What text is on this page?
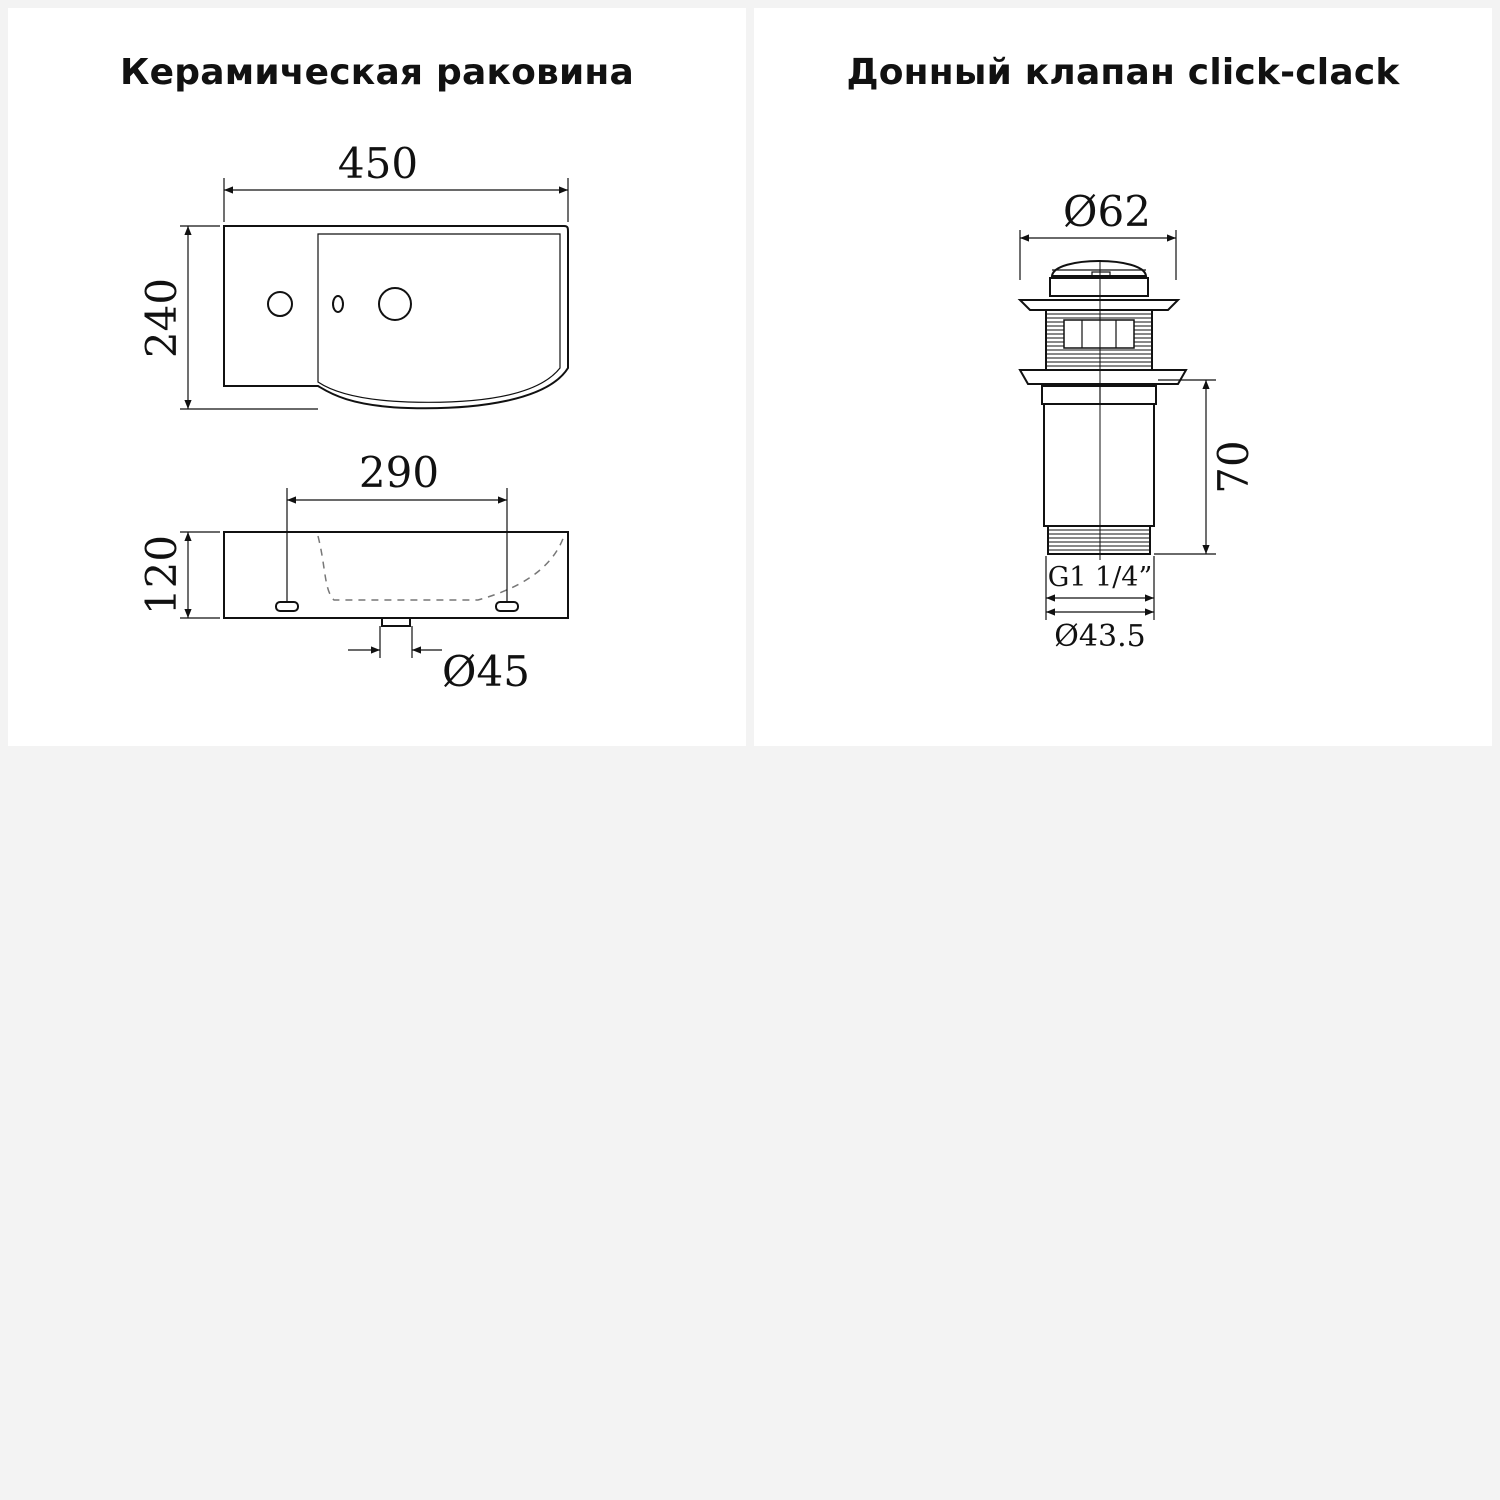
Керамическая раковина
450
240
290
120
Ø45
Донный клапан click-clack
Ø62
70
G1 1/4”
Ø43.5
